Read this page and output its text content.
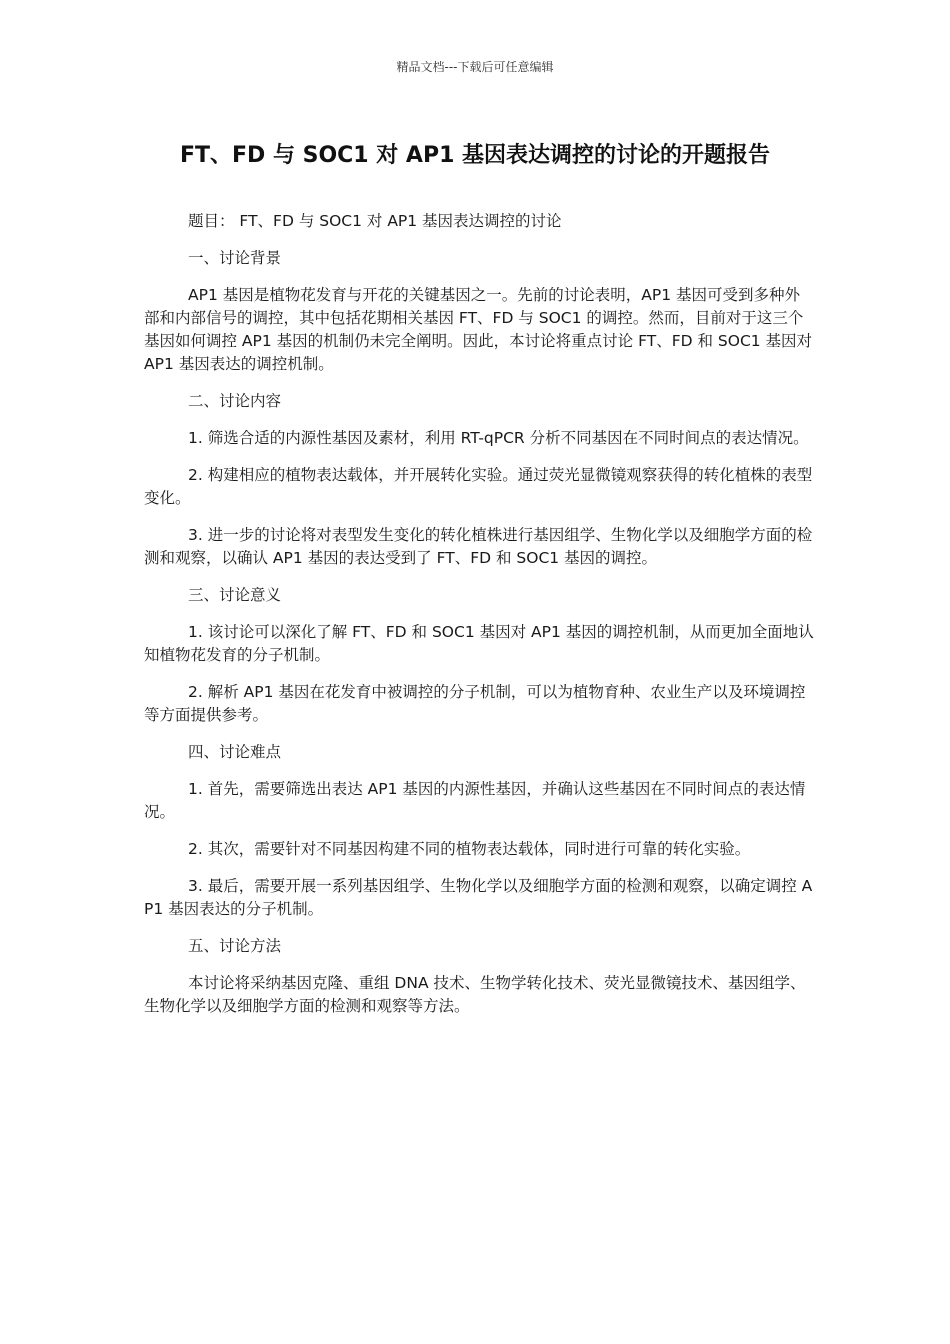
精品文档---下载后可任意编辑
FT、FD 与 SOC1 对 AP1 基因表达调控的讨论的开题报告

题目： FT、FD 与 SOC1 对 AP1 基因表达调控的讨论

一、讨论背景

AP1 基因是植物花发育与开花的关键基因之一。先前的讨论表明，AP1 基因可受到多种外部和内部信号的调控，其中包括花期相关基因 FT、FD 与 SOC1 的调控。然而，目前对于这三个基因如何调控 AP1 基因的机制仍未完全阐明。因此，本讨论将重点讨论 FT、FD 和 SOC1 基因对 AP1 基因表达的调控机制。

二、讨论内容

1. 筛选合适的内源性基因及素材，利用 RT-qPCR 分析不同基因在不同时间点的表达情况。

2. 构建相应的植物表达载体，并开展转化实验。通过荧光显微镜观察获得的转化植株的表型变化。

3. 进一步的讨论将对表型发生变化的转化植株进行基因组学、生物化学以及细胞学方面的检测和观察，以确认 AP1 基因的表达受到了 FT、FD 和 SOC1 基因的调控。

三、讨论意义

1. 该讨论可以深化了解 FT、FD 和 SOC1 基因对 AP1 基因的调控机制，从而更加全面地认知植物花发育的分子机制。

2. 解析 AP1 基因在花发育中被调控的分子机制，可以为植物育种、农业生产以及环境调控等方面提供参考。

四、讨论难点

1. 首先，需要筛选出表达 AP1 基因的内源性基因，并确认这些基因在不同时间点的表达情况。

2. 其次，需要针对不同基因构建不同的植物表达载体，同时进行可靠的转化实验。

3. 最后，需要开展一系列基因组学、生物化学以及细胞学方面的检测和观察，以确定调控 AP1 基因表达的分子机制。

五、讨论方法

本讨论将采纳基因克隆、重组 DNA 技术、生物学转化技术、荧光显微镜技术、基因组学、生物化学以及细胞学方面的检测和观察等方法。
